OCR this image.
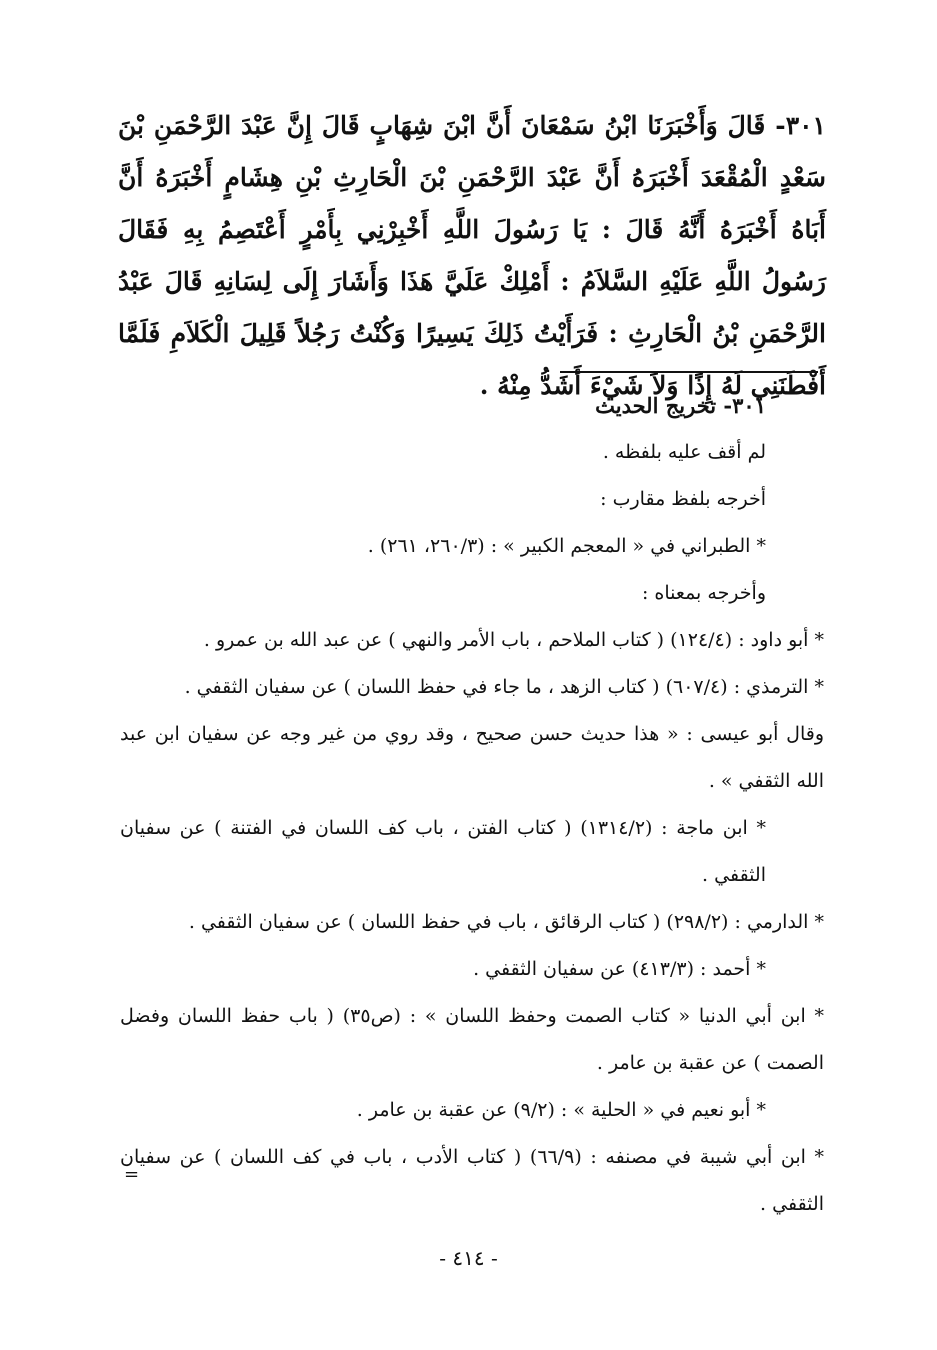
٣٠١- قَالَ وَأَخْبَرَنَا ابْنُ سَمْعَانَ أَنَّ ابْنَ شِهَابٍ قَالَ إِنَّ عَبْدَ الرَّحْمَنِ بْنَ سَعْدٍ الْمُقْعَدَ أَخْبَرَهُ أَنَّ عَبْدَ الرَّحْمَنِ بْنَ الْحَارِثِ بْنِ هِشَامٍ أَخْبَرَهُ أَنَّ أَبَاهُ أَخْبَرَهُ أَنَّهُ قَالَ : يَا رَسُولَ اللَّهِ أَخْبِرْنِي بِأَمْرٍ أَعْتَصِمُ بِهِ فَقَالَ رَسُولُ اللَّهِ عَلَيْهِ السَّلاَمُ : أَمْلِكْ عَلَيَّ هَذَا وَأَشَارَ إِلَى لِسَانِهِ قَالَ عَبْدُ الرَّحْمَنِ بْنُ الْحَارِثِ : فَرَأَيْتُ ذَلِكَ يَسِيرًا وَكُنْتُ رَجُلاً قَلِيلَ الْكَلاَمِ فَلَمَّا أَفْطَنَنِي لَهُ إِذًا وَلاَ شَيْءَ أَشَدُّ مِنْهُ .

٣٠١- تخريج الحديث

لم أقف عليه بلفظه .

أخرجه بلفظ مقارب :

* الطبراني في « المعجم الكبير » : (٢٦٠/٣، ٢٦١) .

وأخرجه بمعناه :

* أبو داود : (١٢٤/٤) ( كتاب الملاحم ، باب الأمر والنهي ) عن عبد الله بن عمرو .

* الترمذي : (٦٠٧/٤) ( كتاب الزهد ، ما جاء في حفظ اللسان ) عن سفيان الثقفي .

وقال أبو عيسى : « هذا حديث حسن صحيح ، وقد روي من غير وجه عن سفيان ابن عبد الله الثقفي » .

* ابن ماجة : (١٣١٤/٢) ( كتاب الفتن ، باب كف اللسان في الفتنة ) عن سفيان الثقفي .

* الدارمي : (٢٩٨/٢) ( كتاب الرقائق ، باب في حفظ اللسان ) عن سفيان الثقفي .

* أحمد : (٤١٣/٣) عن سفيان الثقفي .

* ابن أبي الدنيا « كتاب الصمت وحفظ اللسان » : (ص٣٥) ( باب حفظ اللسان وفضل الصمت ) عن عقبة بن عامر .

* أبو نعيم في « الحلية » : (٩/٢) عن عقبة بن عامر .

* ابن أبي شيبة في مصنفه : (٦٦/٩) ( كتاب الأدب ، باب في كف اللسان ) عن سفيان الثقفي .

=
- ٤١٤ -
